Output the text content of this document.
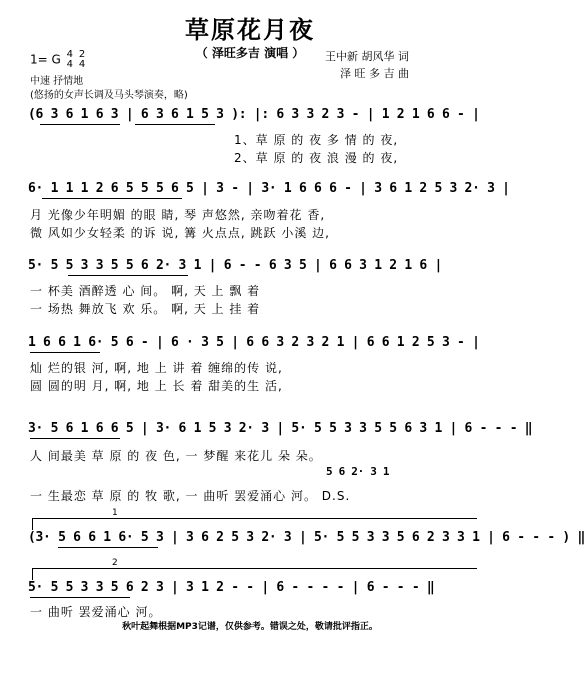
草原花月夜
（ 泽旺多吉 演唱 ）
1= G 4
4 2
4
中速 抒情地
(悠扬的女声长调及马头琴演奏，略)
王中新 胡风华 词
泽 旺 多 吉 曲
(6 3 6 1 6 3 | 6 3 6 1 5 3 ): |: 6 3 3 2 3 - | 1 2 1 6 6 - |
1、草 原 的 夜 多 情 的 夜,
2、草 原 的 夜 浪 漫 的 夜,
6· 1 1 1 2 6 5 5 5 6 5 | 3 - | 3· 1 6 6 6 - | 3 6 1 2 5 3 2· 3 |
月 光像少年明媚 的眼 睛, 琴 声悠然, 亲吻着花 香,
微 风如少女轻柔 的诉 说, 篝 火点点, 跳跃 小溪 边,
5· 5 5 3 3 5 5 6 2· 3 1 | 6 - - 6 3 5 | 6 6 3 1 2 1 6 |
一 杯美 酒醉透 心 间。 啊, 天 上 飘 着
一 场热 舞放飞 欢 乐。 啊, 天 上 挂 着
1 6 6 1 6· 5 6 - | 6 · 3 5 | 6 6 3 2 3 2 1 | 6 6 1 2 5 3 - |
灿 烂的银 河, 啊, 地 上 讲 着 缠绵的传 说,
圆 圆的明 月, 啊, 地 上 长 着 甜美的生 活,
3· 5 6 1 6 6 5 | 3· 6 1 5 3 2· 3 | 5· 5 5 3 3 5 5 6 3 1 | 6 - - - ‖
人 间最美 草 原 的 夜 色, 一 梦醒 来花儿 朵 朵。
5 6 2· 3 1
一 生最恋 草 原 的 牧 歌, 一 曲听 罢爱涌心 河。 D.S.
1
(3· 5 6 6 1 6· 5 3 | 3 6 2 5 3 2· 3 | 5· 5 5 3 3 5 6 2 3 3 1 | 6 - - - ) ‖
2
5· 5 5 3 3 5 6 2 3 | 3 1 2 - - | 6 - - - - | 6 - - - ‖
一 曲听 罢爱涌心 河。
秋叶起舞根据MP3记谱，仅供参考。错误之处，敬请批评指正。
